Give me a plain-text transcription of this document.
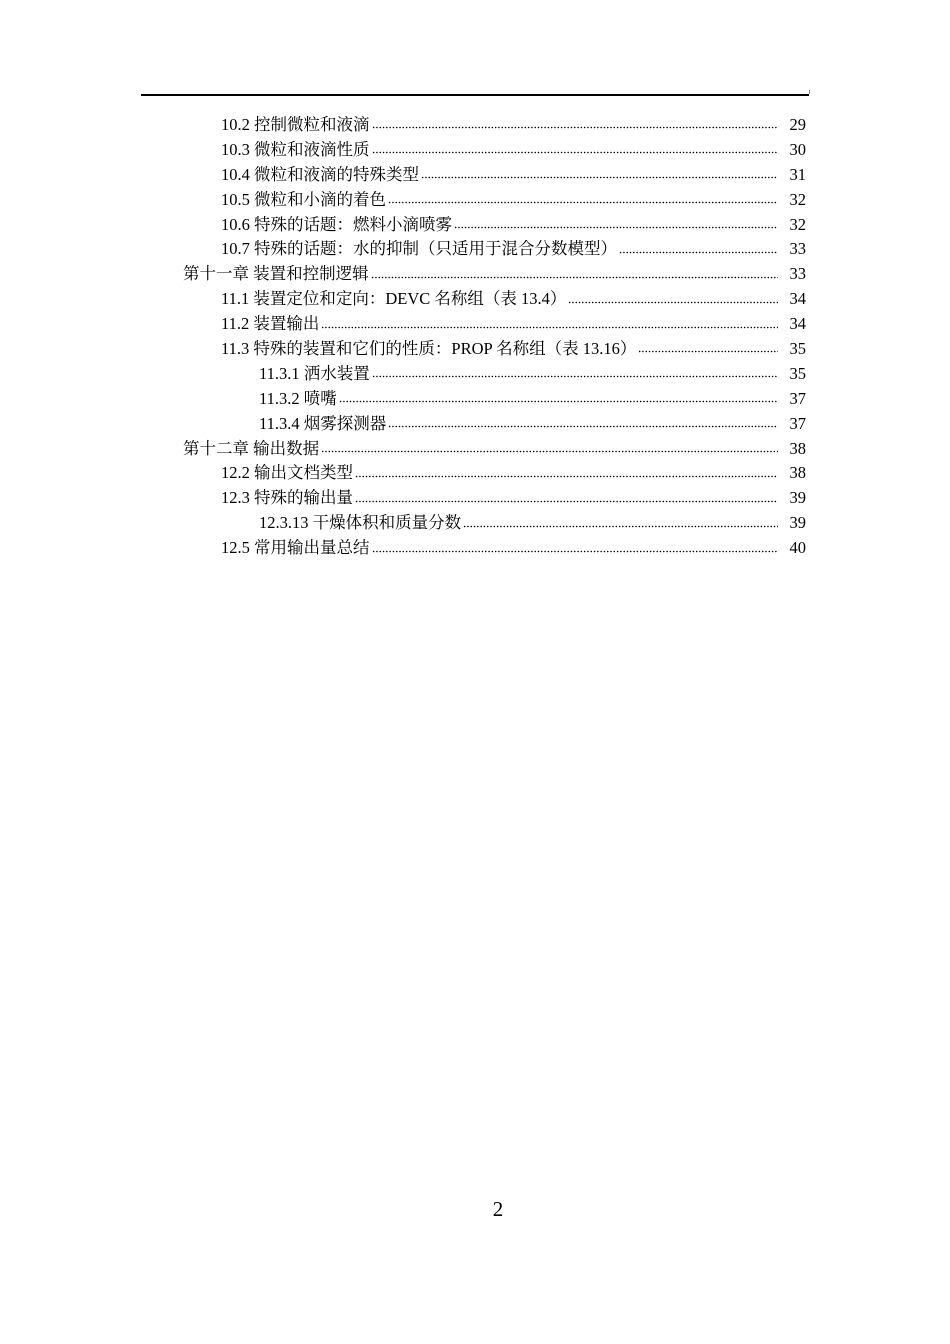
10.2 控制微粒和液滴	29
10.3 微粒和液滴性质	30
10.4 微粒和液滴的特殊类型	31
10.5 微粒和小滴的着色	32
10.6 特殊的话题：燃料小滴喷雾	32
10.7 特殊的话题：水的抑制（只适用于混合分数模型）	33
第十一章 装置和控制逻辑	33
11.1 装置定位和定向：DEVC 名称组（表 13.4）	34
11.2 装置输出	34
11.3 特殊的装置和它们的性质：PROP 名称组（表 13.16）	35
11.3.1 洒水装置	35
11.3.2 喷嘴	37
11.3.4 烟雾探测器	37
第十二章 输出数据	38
12.2 输出文档类型	38
12.3 特殊的输出量	39
12.3.13 干燥体积和质量分数	39
12.5 常用输出量总结	40
2
